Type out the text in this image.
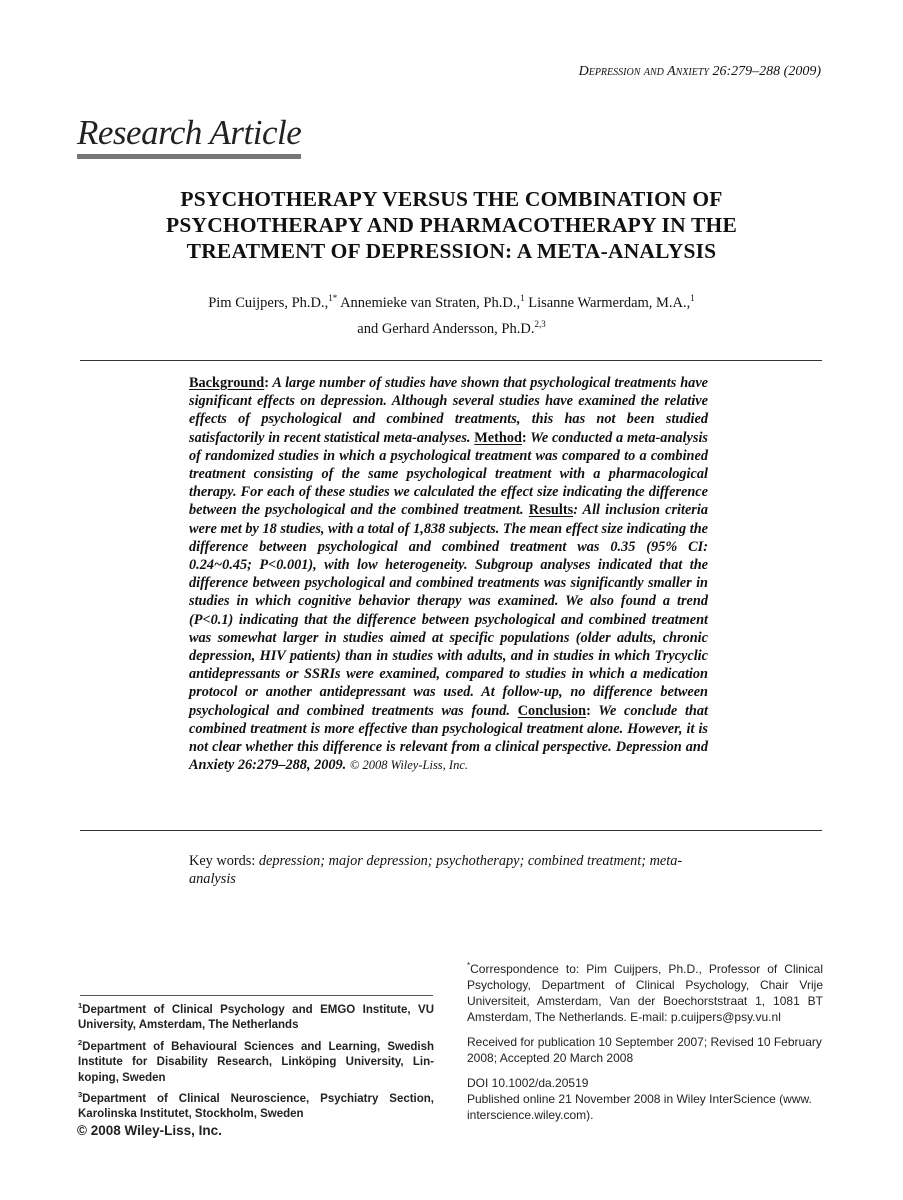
Depression and Anxiety 26:279–288 (2009)
Research Article
PSYCHOTHERAPY VERSUS THE COMBINATION OF
PSYCHOTHERAPY AND PHARMACOTHERAPY IN THE
TREATMENT OF DEPRESSION: A META-ANALYSIS
Pim Cuijpers, Ph.D.,$^{1*}$ Annemieke van Straten, Ph.D.,$^1$ Lisanne Warmerdam, M.A.,$^1$
and Gerhard Andersson, Ph.D.$^{2,3}$
Background: A large number of studies have shown that psychological treatments have significant effects on depression. Although several studies have examined the relative effects of psychological and combined treatments, this has not been studied satisfactorily in recent statistical meta-analyses. Method: We conducted a meta-analysis of randomized studies in which a psychological treatment was compared to a combined treatment consisting of the same psychological treatment with a pharmacological therapy. For each of these studies we calculated the effect size indicating the difference between the psychological and the combined treatment. Results: All inclusion criteria were met by 18 studies, with a total of 1,838 subjects. The mean effect size indicating the difference between psychological and combined treatment was 0.35 (95% CI: 0.24~0.45; P<0.001), with low heterogeneity. Subgroup analyses indicated that the difference between psychological and combined treatments was significantly smaller in studies in which cognitive behavior therapy was examined. We also found a trend (P<0.1) indicating that the difference between psychological and combined treatment was somewhat larger in studies aimed at specific populations (older adults, chronic depression, HIV patients) than in studies with adults, and in studies in which Trycyclic antidepressants or SSRIs were examined, compared to studies in which a medication protocol or another antidepressant was used. At follow-up, no difference between psychological and combined treatments was found. Conclusion: We conclude that combined treatment is more effective than psychological treatment alone. However, it is not clear whether this difference is relevant from a clinical perspective. Depression and Anxiety 26:279–288, 2009. © 2008 Wiley-Liss, Inc.
Key words: depression; major depression; psychotherapy; combined treatment; meta-analysis

*Correspondence to: Pim Cuijpers, Ph.D., Professor of Clinical Psychology, Department of Clinical Psychology, Chair Vrije Universiteit, Amsterdam, Van der Boechorststraat 1, 1081 BT Amsterdam, The Netherlands. E-mail: p.cuijpers@psy.vu.nl

Received for publication 10 September 2007; Revised 10 February 2008; Accepted 20 March 2008

DOI 10.1002/da.20519
Published online 21 November 2008 in Wiley InterScience (www. interscience.wiley.com).

$^1$Department of Clinical Psychology and EMGO Institute, VU University, Amsterdam, The Netherlands

$^2$Department of Behavioural Sciences and Learning, Swedish Institute for Disability Research, Linköping University, Lin- koping, Sweden

$^3$Department of Clinical Neuroscience, Psychiatry Section, Karolinska Institutet, Stockholm, Sweden

© 2008 Wiley-Liss, Inc.
